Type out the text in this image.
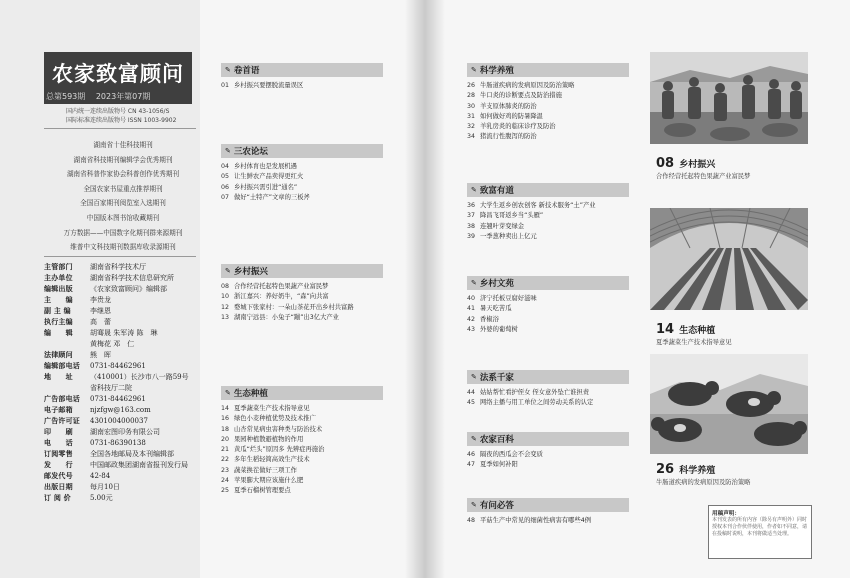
农家致富顾问
总第593期 2023年第07期
国内统一连续出版物号 CN 43-1056/S
国际标准连续出版物号 ISSN 1003-9902
湖南省十佳科技期刊
湖南省科技期刊编辑学会优秀期刊
湖南省科普作家协会科普创作优秀期刊
全国农家书屋重点推荐期刊
全国百家期刊阅览室入选期刊
中国版本图书馆收藏期刊
万方数据——中国数字化期刊群来源期刊
维普中文科技期刊数据库收录源期刊
主管部门	湖南省科学技术厅
主办单位	湖南省科学技术信息研究所
编辑出版	《农家致富顾问》编辑部
主　　编	李贵龙
副 主 编	李继恩
执行主编	高　蕾
编　　辑	胡骞晟 朱军涛 陈　琳
黄梅花 邓　仁
法律顾问	熊　晖
编辑部电话	0731-84462961
地　　址	（410001）长沙市八一路59号
省科技厅二院
广告部电话	0731-84462961
电子邮箱	njzfgw@163.com
广告许可证	4301004000037
印　　刷	湖南宏图印务有限公司
电　　话	0731-86390138
订阅零售	全国各地邮局及本刊编辑部
发　　行	中国邮政集团湖南省报刊发行局
邮发代号	42-84
出版日期	每月10日
订 阅 价	5.00元
✎ 卷首语
01 乡村振兴要摆脱流量误区
✎ 三农论坛
04 乡村体育也是发展机遇
05 让生鲜农产品卖得更红火
06 乡村振兴需引进“通名”
07 做好“土特产”文章的三板斧
✎ 乡村振兴
08 合作经营托起特色果蔬产业富民梦
10 浙江嘉兴：养好奶牛，“森”向共富
12 婺城下张家村：一朵山茶花开出乡村共富路
13 湖南宁远县：小兔子“蹦”出3亿大产业
✎ 生态种植
14 夏季蔬菜生产技术指导意见
16 绿色小麦种植优势及技术推广
18 山杏常见病虫害种类与防治技术
20 果园种植散避植物的作用
21 黄瓜“烂头”原因多 先辨症再施治
22 多年生稻轻简高效生产技术
23 蔬菜换茬做好三项工作
24 苹果膨大期应该施什么肥
25 夏季石榴树管理要点
✎ 科学养殖
26 牛肠道疾病的发病原因及防治策略
28 牛口炎的诊断要点及防治措施
30 羊支原体肺炎的防治
31 如何做好鸡的防暑降温
32 羊乳房炎的临床诊疗及防治
34 猪流行性腹泻的防治
✎ 致富有道
36 大学生返乡创农创客 新技术服务“土”产业
37 降昌飞哥返乡当“头雁”
38 连翘叶芽变绿金
39 一季葱种卖出上亿元
✎ 乡村文苑
40 济宁托板豆腐好滋味
41 暑天吃苦瓜
42 香椒浴
43 外婆的葡萄树
✎ 法系千家
44 姑姑帮忙看护侄女 侄女意外坠亡谁担责
45 网络主播与用工单位之间劳动关系的认定
✎ 农家百科
46 隔夜的西瓜会不会变质
47 夏季如何补阳
✎ 有问必答
48 平菇生产中常见的细菌性病害有哪些4例
08 乡村振兴
合作经营托起特色果蔬产业富民梦
14 生态种植
夏季蔬菜生产技术指导意见
26 科学养殖
牛肠道疾病的发病原因及防治策略
用稿声明：
本刊发表的所有内容（除另有声明外）同时授权本刊合作伙伴使用，作者如不同意，请在投稿时说明，本刊将做适当处理。
